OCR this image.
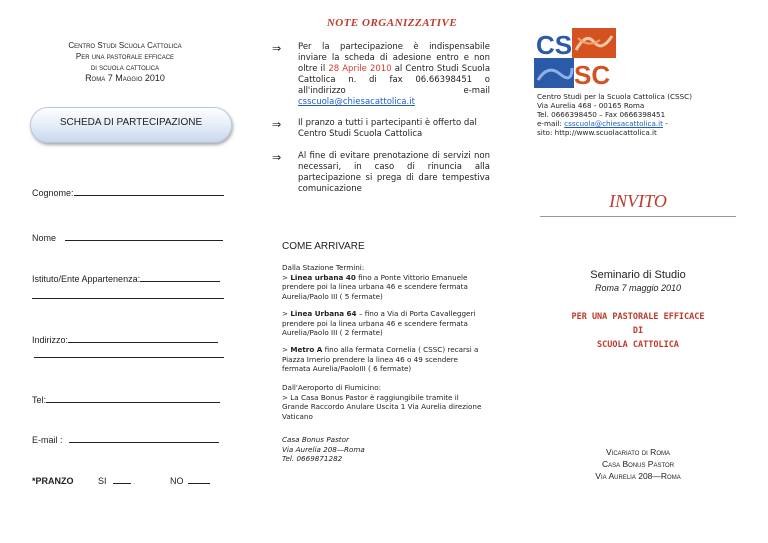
Centro Studi Scuola Cattolica
Per una pastorale efficace
di scuola cattolica
Roma 7 Maggio 2010
SCHEDA DI PARTECIPAZIONE
Cognome:
Nome
Istituto/Ente Appartenenza:
Indirizzo:
Tel:
E-mail :
*PRANZO	SI	NO
NOTE ORGANIZZATIVE
⇒ Per la partecipazione è indispensabile inviare la scheda di adesione entro e non oltre il 28 Aprile 2010 al Centro Studi Scuola Cattolica n. di fax 06.66398451 o all'indirizzo e-mail csscuola@chiesacattolica.it
⇒ Il pranzo a tutti i partecipanti è offerto dal Centro Studi Scuola Cattolica
⇒ Al fine di evitare prenotazione di servizi non necessari, in caso di rinuncia alla partecipazione si prega di dare tempestiva comunicazione
COME ARRIVARE
Dalla Stazione Termini:
> Linea urbana 40 fino a Ponte Vittorio Emanuele prendere poi la linea urbana 46 e scendere fermata Aurelia/Paolo III ( 5 fermate)
> Linea Urbana 64 – fino a Via di Porta Cavalleggeri prendere poi la linea urbana 46 e scendere fermata Aurelia/Paolo III ( 2 fermate)
> Metro A fino alla fermata Cornelia ( CSSC) recarsi a Piazza Irnerio prendere la linea 46 o 49 scendere fermata Aurelia/PaoloIII ( 6 fermate)
Dall'Aeroporto di Fiumicino:
> La Casa Bonus Pastor è raggiungibile tramite il Grande Raccordo Anulare Uscita 1 Via Aurelia direzione Vaticano
Casa Bonus Pastor
Via Aurelia 208—Roma
Tel. 0669871282
CS
SC
Centro Studi per la Scuola Cattolica (CSSC)
Via Aurelia 468 - 00165 Roma
Tel. 0666398450 – Fax 0666398451
e-mail: csscuola@chiesacattolica.it -
sito: http://www.scuolacattolica.it
INVITO
Seminario di Studio
Roma 7 maggio 2010
PER UNA PASTORALE EFFICACE
DI
SCUOLA CATTOLICA
Vicariato di Roma
Casa Bonus Pastor
Via Aurelia 208—Roma
